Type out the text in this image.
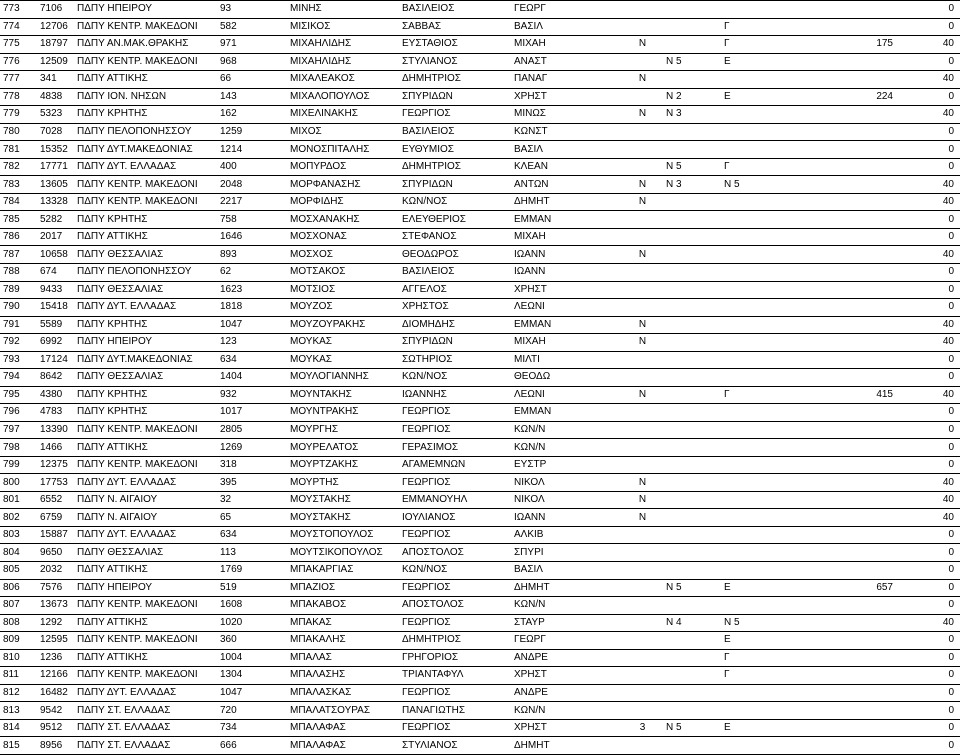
773	7106	ΠΔΠΥ ΗΠΕΙΡΟΥ	93	ΜΙΝΗΣ	ΒΑΣΙΛΕΙΟΣ	ΓΕΩΡΓ					0
774	12706	ΠΔΠΥ ΚΕΝΤΡ. ΜΑΚΕΔΟΝΙ	582	ΜΙΣΙΚΟΣ	ΣΑΒΒΑΣ	ΒΑΣΙΛ			Γ		0
775	18797	ΠΔΠΥ ΑΝ.ΜΑΚ.ΘΡΑΚΗΣ	971	ΜΙΧΑΗΛΙΔΗΣ	ΕΥΣΤΑΘΙΟΣ	ΜΙΧΑΗ	Ν		Γ	175	40
776	12509	ΠΔΠΥ ΚΕΝΤΡ. ΜΑΚΕΔΟΝΙ	968	ΜΙΧΑΗΛΙΔΗΣ	ΣΤΥΛΙΑΝΟΣ	ΑΝΑΣΤ		Ν 5	Ε		0
777	341	ΠΔΠΥ ΑΤΤΙΚΗΣ	66	ΜΙΧΑΛΕΑΚΟΣ	ΔΗΜΗΤΡΙΟΣ	ΠΑΝΑΓ	Ν				40
778	4838	ΠΔΠΥ ΙΟΝ. ΝΗΣΩΝ	143	ΜΙΧΑΛΟΠΟΥΛΟΣ	ΣΠΥΡΙΔΩΝ	ΧΡΗΣΤ		Ν 2	Ε	224	0
779	5323	ΠΔΠΥ ΚΡΗΤΗΣ	162	ΜΙΧΕΛΙΝΑΚΗΣ	ΓΕΩΡΓΙΟΣ	ΜΙΝΩΣ	Ν	Ν 3			40
780	7028	ΠΔΠΥ ΠΕΛΟΠΟΝΗΣΣΟΥ	1259	ΜΙΧΟΣ	ΒΑΣΙΛΕΙΟΣ	ΚΩΝΣΤ					0
781	15352	ΠΔΠΥ ΔΥΤ.ΜΑΚΕΔΟΝΙΑΣ	1214	ΜΟΝΟΣΠΙΤΑΛΗΣ	ΕΥΘΥΜΙΟΣ	ΒΑΣΙΛ					0
782	17771	ΠΔΠΥ ΔΥΤ. ΕΛΛΑΔΑΣ	400	ΜΟΠΥΡΔΟΣ	ΔΗΜΗΤΡΙΟΣ	ΚΛΕΑΝ		Ν 5	Γ		0
783	13605	ΠΔΠΥ ΚΕΝΤΡ. ΜΑΚΕΔΟΝΙ	2048	ΜΟΡΦΑΝΑΣΗΣ	ΣΠΥΡΙΔΩΝ	ΑΝΤΩΝ	Ν	Ν 3	Ν 5		40
784	13328	ΠΔΠΥ ΚΕΝΤΡ. ΜΑΚΕΔΟΝΙ	2217	ΜΟΡΦΙΔΗΣ	ΚΩΝ/ΝΟΣ	ΔΗΜΗΤ	Ν				40
785	5282	ΠΔΠΥ ΚΡΗΤΗΣ	758	ΜΟΣΧΑΝΑΚΗΣ	ΕΛΕΥΘΕΡΙΟΣ	ΕΜΜΑΝ					0
786	2017	ΠΔΠΥ ΑΤΤΙΚΗΣ	1646	ΜΟΣΧΟΝΑΣ	ΣΤΕΦΑΝΟΣ	ΜΙΧΑΗ					0
787	10658	ΠΔΠΥ ΘΕΣΣΑΛΙΑΣ	893	ΜΟΣΧΟΣ	ΘΕΟΔΩΡΟΣ	ΙΩΑΝΝ	Ν				40
788	674	ΠΔΠΥ ΠΕΛΟΠΟΝΗΣΣΟΥ	62	ΜΟΤΣΑΚΟΣ	ΒΑΣΙΛΕΙΟΣ	ΙΩΑΝΝ					0
789	9433	ΠΔΠΥ ΘΕΣΣΑΛΙΑΣ	1623	ΜΟΤΣΙΟΣ	ΑΓΓΕΛΟΣ	ΧΡΗΣΤ					0
790	15418	ΠΔΠΥ ΔΥΤ. ΕΛΛΑΔΑΣ	1818	ΜΟΥΖΟΣ	ΧΡΗΣΤΟΣ	ΛΕΩΝΙ					0
791	5589	ΠΔΠΥ ΚΡΗΤΗΣ	1047	ΜΟΥΖΟΥΡΑΚΗΣ	ΔΙΟΜΗΔΗΣ	ΕΜΜΑΝ	Ν				40
792	6992	ΠΔΠΥ ΗΠΕΙΡΟΥ	123	ΜΟΥΚΑΣ	ΣΠΥΡΙΔΩΝ	ΜΙΧΑΗ	Ν				40
793	17124	ΠΔΠΥ ΔΥΤ.ΜΑΚΕΔΟΝΙΑΣ	634	ΜΟΥΚΑΣ	ΣΩΤΗΡΙΟΣ	ΜΙΛΤΙ					0
794	8642	ΠΔΠΥ ΘΕΣΣΑΛΙΑΣ	1404	ΜΟΥΛΟΓΙΑΝΝΗΣ	ΚΩΝ/ΝΟΣ	ΘΕΟΔΩ					0
795	4380	ΠΔΠΥ ΚΡΗΤΗΣ	932	ΜΟΥΝΤΑΚΗΣ	ΙΩΑΝΝΗΣ	ΛΕΩΝΙ	Ν		Γ	415	40
796	4783	ΠΔΠΥ ΚΡΗΤΗΣ	1017	ΜΟΥΝΤΡΑΚΗΣ	ΓΕΩΡΓΙΟΣ	ΕΜΜΑΝ					0
797	13390	ΠΔΠΥ ΚΕΝΤΡ. ΜΑΚΕΔΟΝΙ	2805	ΜΟΥΡΓΗΣ	ΓΕΩΡΓΙΟΣ	ΚΩΝ/Ν					0
798	1466	ΠΔΠΥ ΑΤΤΙΚΗΣ	1269	ΜΟΥΡΕΛΑΤΟΣ	ΓΕΡΑΣΙΜΟΣ	ΚΩΝ/Ν					0
799	12375	ΠΔΠΥ ΚΕΝΤΡ. ΜΑΚΕΔΟΝΙ	318	ΜΟΥΡΤΖΑΚΗΣ	ΑΓΑΜΕΜΝΩΝ	ΕΥΣΤΡ					0
800	17753	ΠΔΠΥ ΔΥΤ. ΕΛΛΑΔΑΣ	395	ΜΟΥΡΤΗΣ	ΓΕΩΡΓΙΟΣ	ΝΙΚΟΛ	Ν				40
801	6552	ΠΔΠΥ Ν. ΑΙΓΑΙΟΥ	32	ΜΟΥΣΤΑΚΗΣ	ΕΜΜΑΝΟΥΗΛ	ΝΙΚΟΛ	Ν				40
802	6759	ΠΔΠΥ Ν. ΑΙΓΑΙΟΥ	65	ΜΟΥΣΤΑΚΗΣ	ΙΟΥΛΙΑΝΟΣ	ΙΩΑΝΝ	Ν				40
803	15887	ΠΔΠΥ ΔΥΤ. ΕΛΛΑΔΑΣ	634	ΜΟΥΣΤΟΠΟΥΛΟΣ	ΓΕΩΡΓΙΟΣ	ΑΛΚΙΒ					0
804	9650	ΠΔΠΥ ΘΕΣΣΑΛΙΑΣ	113	ΜΟΥΤΣΙΚΟΠΟΥΛΟΣ	ΑΠΟΣΤΟΛΟΣ	ΣΠΥΡΙ					0
805	2032	ΠΔΠΥ ΑΤΤΙΚΗΣ	1769	ΜΠΑΚΑΡΓΙΑΣ	ΚΩΝ/ΝΟΣ	ΒΑΣΙΛ					0
806	7576	ΠΔΠΥ ΗΠΕΙΡΟΥ	519	ΜΠΑΖΙΟΣ	ΓΕΩΡΓΙΟΣ	ΔΗΜΗΤ		Ν 5	Ε	657	0
807	13673	ΠΔΠΥ ΚΕΝΤΡ. ΜΑΚΕΔΟΝΙ	1608	ΜΠΑΚΑΒΟΣ	ΑΠΟΣΤΟΛΟΣ	ΚΩΝ/Ν					0
808	1292	ΠΔΠΥ ΑΤΤΙΚΗΣ	1020	ΜΠΑΚΑΣ	ΓΕΩΡΓΙΟΣ	ΣΤΑΥΡ		Ν 4	Ν 5		40
809	12595	ΠΔΠΥ ΚΕΝΤΡ. ΜΑΚΕΔΟΝΙ	360	ΜΠΑΚΑΛΗΣ	ΔΗΜΗΤΡΙΟΣ	ΓΕΩΡΓ			Ε		0
810	1236	ΠΔΠΥ ΑΤΤΙΚΗΣ	1004	ΜΠΑΛΑΣ	ΓΡΗΓΟΡΙΟΣ	ΑΝΔΡΕ			Γ		0
811	12166	ΠΔΠΥ ΚΕΝΤΡ. ΜΑΚΕΔΟΝΙ	1304	ΜΠΑΛΑΣΗΣ	ΤΡΙΑΝΤΑΦΥΛ	ΧΡΗΣΤ			Γ		0
812	16482	ΠΔΠΥ ΔΥΤ. ΕΛΛΑΔΑΣ	1047	ΜΠΑΛΑΣΚΑΣ	ΓΕΩΡΓΙΟΣ	ΑΝΔΡΕ					0
813	9542	ΠΔΠΥ ΣΤ. ΕΛΛΑΔΑΣ	720	ΜΠΑΛΑΤΣΟΥΡΑΣ	ΠΑΝΑΓΙΩΤΗΣ	ΚΩΝ/Ν					0
814	9512	ΠΔΠΥ ΣΤ. ΕΛΛΑΔΑΣ	734	ΜΠΑΛΑΦΑΣ	ΓΕΩΡΓΙΟΣ	ΧΡΗΣΤ	3	Ν 5	Ε		0
815	8956	ΠΔΠΥ ΣΤ. ΕΛΛΑΔΑΣ	666	ΜΠΑΛΑΦΑΣ	ΣΤΥΛΙΑΝΟΣ	ΔΗΜΗΤ					0
